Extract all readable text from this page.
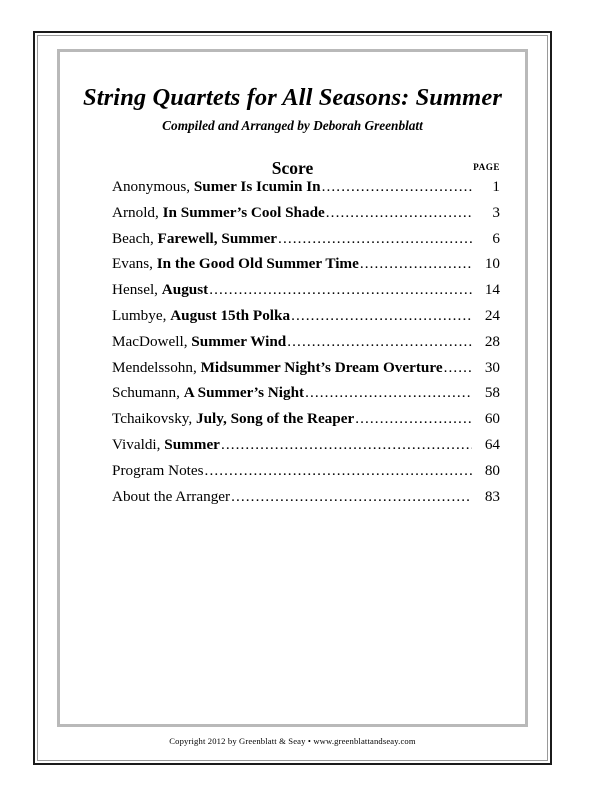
String Quartets for All Seasons: Summer
Compiled and Arranged by Deborah Greenblatt
Score	PAGE
Anonymous, Sumer Is Icumin In .....	1
Arnold, In Summer’s Cool Shade .....	3
Beach, Farewell, Summer .....	6
Evans, In the Good Old Summer Time .....	10
Hensel, August .....	14
Lumbye, August 15th Polka .....	24
MacDowell, Summer Wind .....	28
Mendelssohn, Midsummer Night’s Dream Overture .....	30
Schumann, A Summer’s Night .....	58
Tchaikovsky, July, Song of the Reaper .....	60
Vivaldi, Summer .....	64
Program Notes .....	80
About the Arranger .....	83
Copyright 2012 by Greenblatt & Seay • www.greenblattandseay.com
